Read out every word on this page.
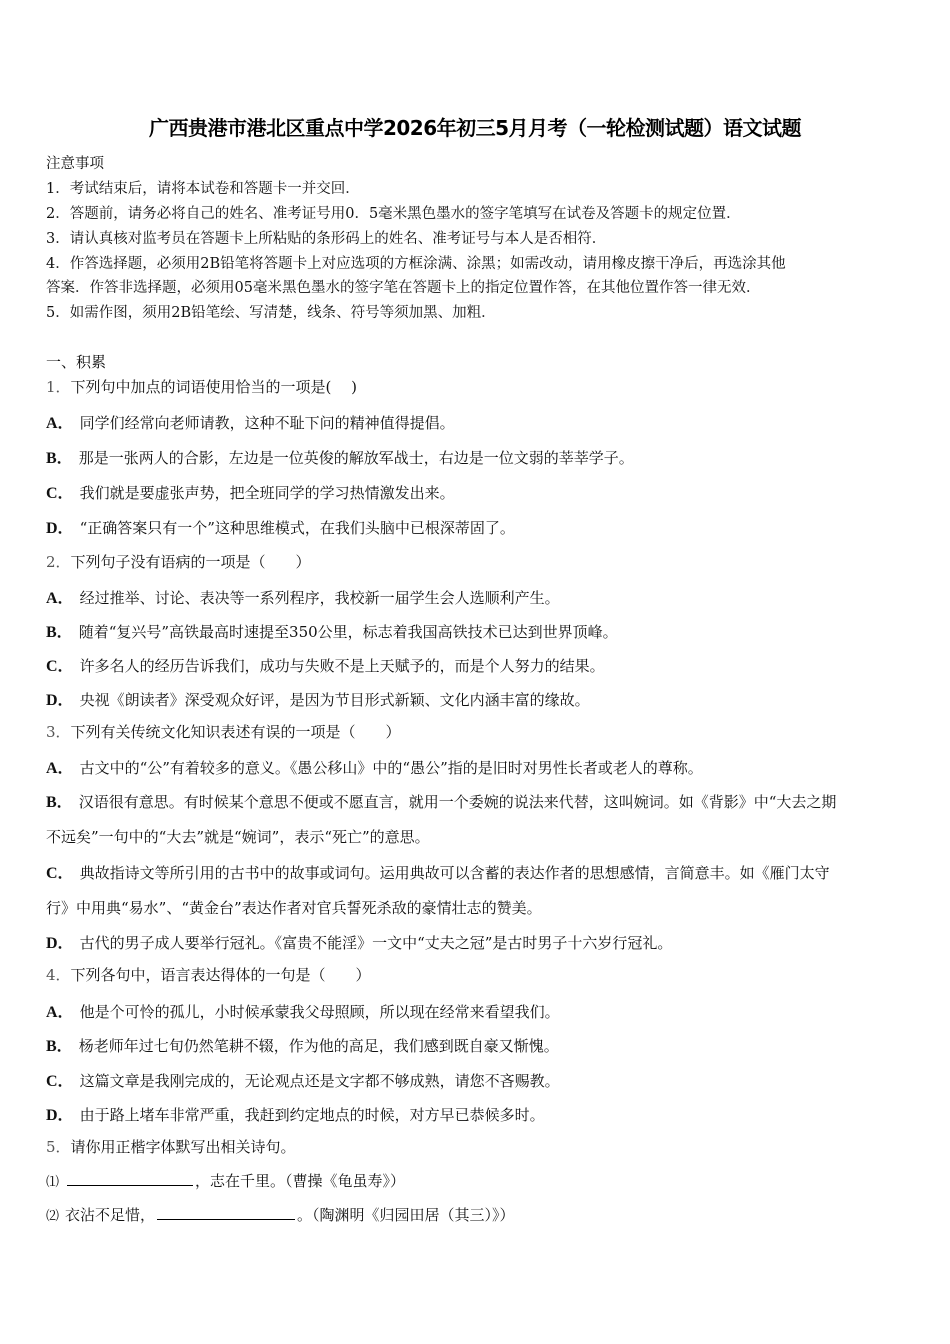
广西贵港市港北区重点中学2026年初三5月月考（一轮检测试题）语文试题
注意事项
1．考试结束后，请将本试卷和答题卡一并交回．
2．答题前，请务必将自己的姓名、准考证号用0．5毫米黑色墨水的签字笔填写在试卷及答题卡的规定位置．
3．请认真核对监考员在答题卡上所粘贴的条形码上的姓名、准考证号与本人是否相符．
4．作答选择题，必须用2B铅笔将答题卡上对应选项的方框涂满、涂黑；如需改动，请用橡皮擦干净后，再选涂其他
答案．作答非选择题，必须用05毫米黑色墨水的签字笔在答题卡上的指定位置作答，在其他位置作答一律无效．
5．如需作图，须用2B铅笔绘、写清楚，线条、符号等须加黑、加粗．
一、积累
1．下列句中加点的词语使用恰当的一项是(　 )
A． 同学们经常向老师请教，这种不耻下问的精神值得提倡。
B． 那是一张两人的合影，左边是一位英俊的解放军战士，右边是一位文弱的莘莘学子。
C． 我们就是要虚张声势，把全班同学的学习热情激发出来。
D． “正确答案只有一个”这种思维模式，在我们头脑中已根深蒂固了。
2．下列句子没有语病的一项是（　　）
A． 经过推举、讨论、表决等一系列程序，我校新一届学生会人选顺利产生。
B． 随着“复兴号”高铁最高时速提至350公里，标志着我国高铁技术已达到世界顶峰。
C． 许多名人的经历告诉我们，成功与失败不是上天赋予的，而是个人努力的结果。
D． 央视《朗读者》深受观众好评，是因为节目形式新颖、文化内涵丰富的缘故。
3．下列有关传统文化知识表述有误的一项是（　　）
A． 古文中的“公”有着较多的意义。《愚公移山》中的“愚公”指的是旧时对男性长者或老人的尊称。
B． 汉语很有意思。有时候某个意思不便或不愿直言，就用一个委婉的说法来代替，这叫婉词。如《背影》中“大去之期
不远矣”一句中的“大去”就是“婉词”，表示“死亡”的意思。
C． 典故指诗文等所引用的古书中的故事或词句。运用典故可以含蓄的表达作者的思想感情，言简意丰。如《雁门太守
行》中用典“易水”、“黄金台”表达作者对官兵誓死杀敌的豪情壮志的赞美。
D． 古代的男子成人要举行冠礼。《富贵不能淫》一文中“丈夫之冠”是古时男子十六岁行冠礼。
4．下列各句中，语言表达得体的一句是（　　）
A． 他是个可怜的孤儿，小时候承蒙我父母照顾，所以现在经常来看望我们。
B． 杨老师年过七旬仍然笔耕不辍，作为他的高足，我们感到既自豪又惭愧。
C． 这篇文章是我刚完成的，无论观点还是文字都不够成熟，请您不吝赐教。
D． 由于路上堵车非常严重，我赶到约定地点的时候，对方早已恭候多时。
5．请你用正楷字体默写出相关诗句。
⑴	，志在千里。（曹操《龟虽寿》）
⑵ 衣沾不足惜，	。（陶渊明《归园田居（其三）》）
